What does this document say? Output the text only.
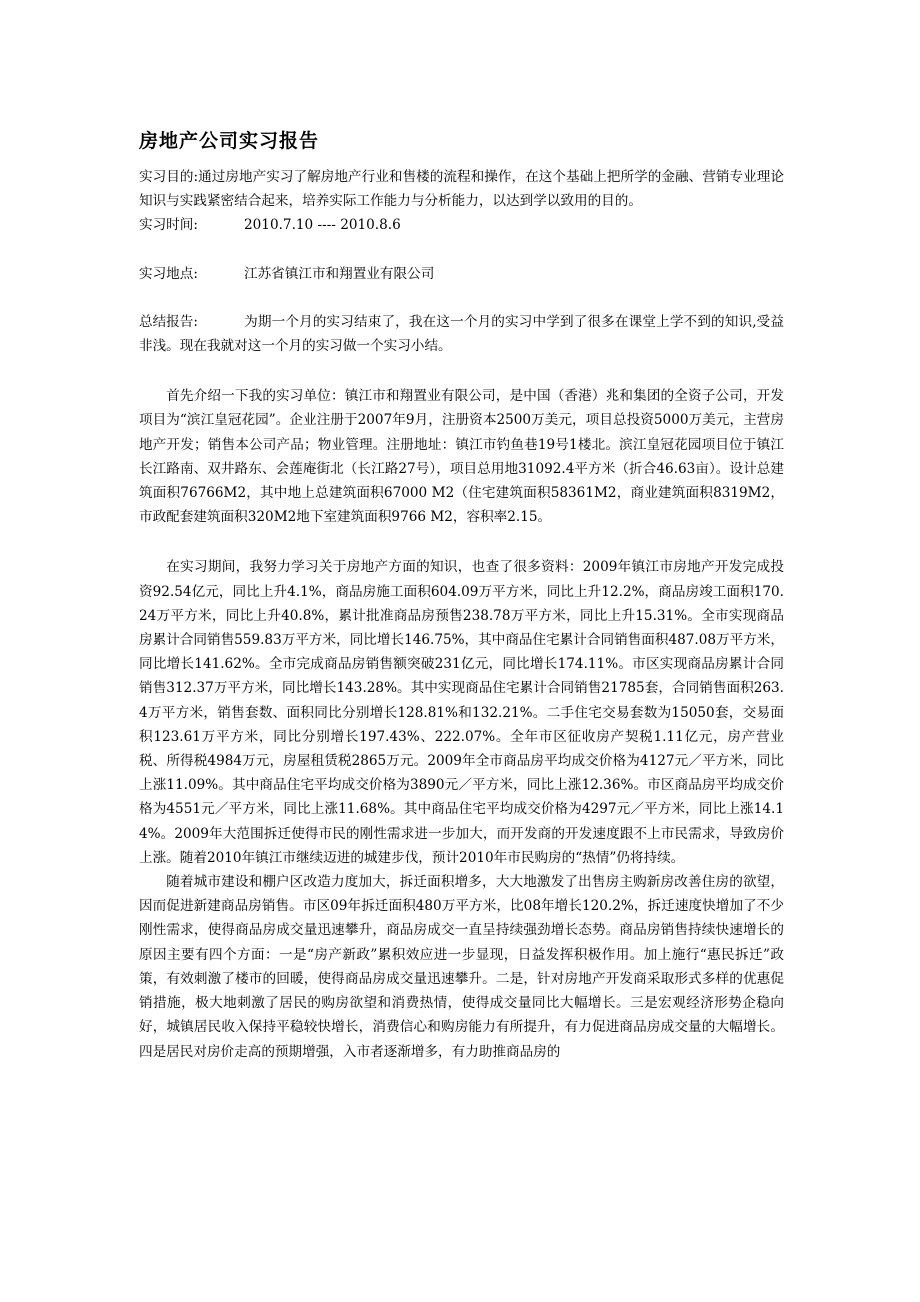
房地产公司实习报告

实习目的:通过房地产实习了解房地产行业和售楼的流程和操作，在这个基础上把所学的金融、营销专业理论知识与实践紧密结合起来，培养实际工作能力与分析能力，以达到学以致用的目的。

实习时间:	2010.7.10 ---- 2010.8.6

实习地点:	江苏省镇江市和翔置业有限公司

总结报告:	为期一个月的实习结束了，我在这一个月的实习中学到了很多在课堂上学不到的知识,受益非浅。现在我就对这一个月的实习做一个实习小结。

首先介绍一下我的实习单位：镇江市和翔置业有限公司，是中国（香港）兆和集团的全资子公司，开发项目为“滨江皇冠花园”。企业注册于2007年9月，注册资本2500万美元，项目总投资5000万美元，主营房地产开发；销售本公司产品；物业管理。注册地址：镇江市钓鱼巷19号1楼北。滨江皇冠花园项目位于镇江长江路南、双井路东、会莲庵街北（长江路27号），项目总用地31092.4平方米（折合46.63亩）。设计总建筑面积76766M2，其中地上总建筑面积67000 M2（住宅建筑面积58361M2，商业建筑面积8319M2，市政配套建筑面积320M2地下室建筑面积9766 M2，容积率2.15。

在实习期间，我努力学习关于房地产方面的知识，也查了很多资料：2009年镇江市房地产开发完成投资92.54亿元，同比上升4.1%，商品房施工面积604.09万平方米，同比上升12.2%，商品房竣工面积170.24万平方米，同比上升40.8%，累计批准商品房预售238.78万平方米，同比上升15.31%。全市实现商品房累计合同销售559.83万平方米，同比增长146.75%，其中商品住宅累计合同销售面积487.08万平方米，同比增长141.62%。全市完成商品房销售额突破231亿元，同比增长174.11%。市区实现商品房累计合同销售312.37万平方米，同比增长143.28%。其中实现商品住宅累计合同销售21785套，合同销售面积263.4万平方米，销售套数、面积同比分别增长128.81%和132.21%。二手住宅交易套数为15050套，交易面积123.61万平方米，同比分别增长197.43%、222.07%。全年市区征收房产契税1.11亿元，房产营业税、所得税4984万元，房屋租赁税2865万元。2009年全市商品房平均成交价格为4127元／平方米，同比上涨11.09%。其中商品住宅平均成交价格为3890元／平方米，同比上涨12.36%。市区商品房平均成交价格为4551元／平方米，同比上涨11.68%。其中商品住宅平均成交价格为4297元／平方米，同比上涨14.14%。2009年大范围拆迁使得市民的刚性需求进一步加大，而开发商的开发速度跟不上市民需求，导致房价上涨。随着2010年镇江市继续迈进的城建步伐，预计2010年市民购房的“热情”仍将持续。

随着城市建设和棚户区改造力度加大，拆迁面积增多，大大地激发了出售房主购新房改善住房的欲望，因而促进新建商品房销售。市区09年拆迁面积480万平方米，比08年增长120.2%，拆迁速度快增加了不少刚性需求，使得商品房成交量迅速攀升，商品房成交一直呈持续强劲增长态势。商品房销售持续快速增长的原因主要有四个方面：一是“房产新政”累积效应进一步显现，日益发挥积极作用。加上施行“惠民拆迁”政策，有效刺激了楼市的回暖，使得商品房成交量迅速攀升。二是，针对房地产开发商采取形式多样的优惠促销措施，极大地刺激了居民的购房欲望和消费热情，使得成交量同比大幅增长。三是宏观经济形势企稳向好，城镇居民收入保持平稳较快增长，消费信心和购房能力有所提升，有力促进商品房成交量的大幅增长。四是居民对房价走高的预期增强，入市者逐渐增多，有力助推商品房的
